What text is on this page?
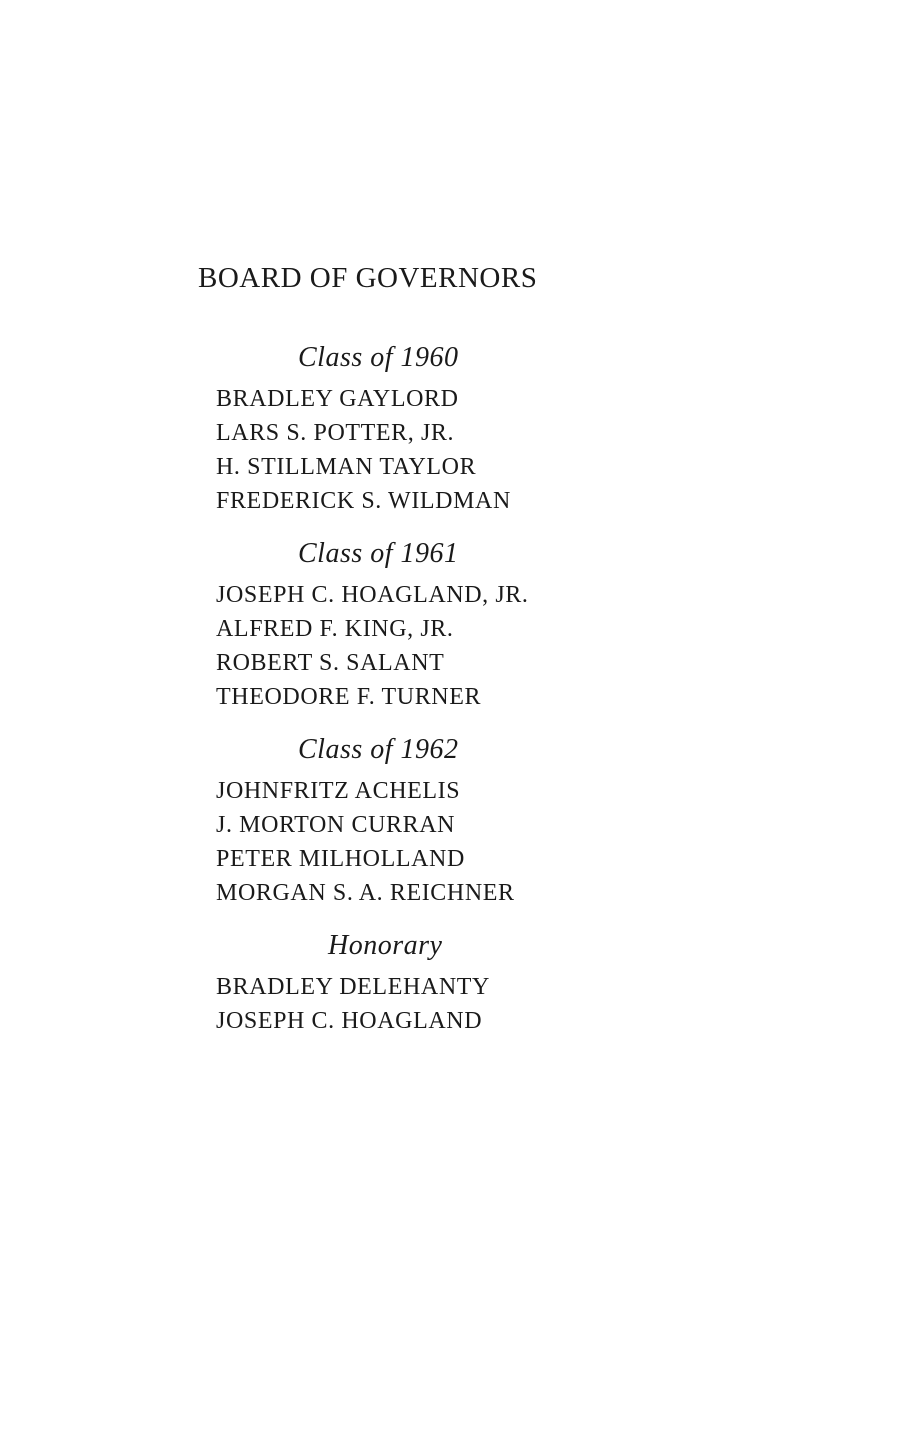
BOARD OF GOVERNORS
Class of 1960
BRADLEY GAYLORD
LARS S. POTTER, JR.
H. STILLMAN TAYLOR
FREDERICK S. WILDMAN
Class of 1961
JOSEPH C. HOAGLAND, JR.
ALFRED F. KING, JR.
ROBERT S. SALANT
THEODORE F. TURNER
Class of 1962
JOHNFRITZ ACHELIS
J. MORTON CURRAN
PETER MILHOLLAND
MORGAN S. A. REICHNER
Honorary
BRADLEY DELEHANTY
JOSEPH C. HOAGLAND
